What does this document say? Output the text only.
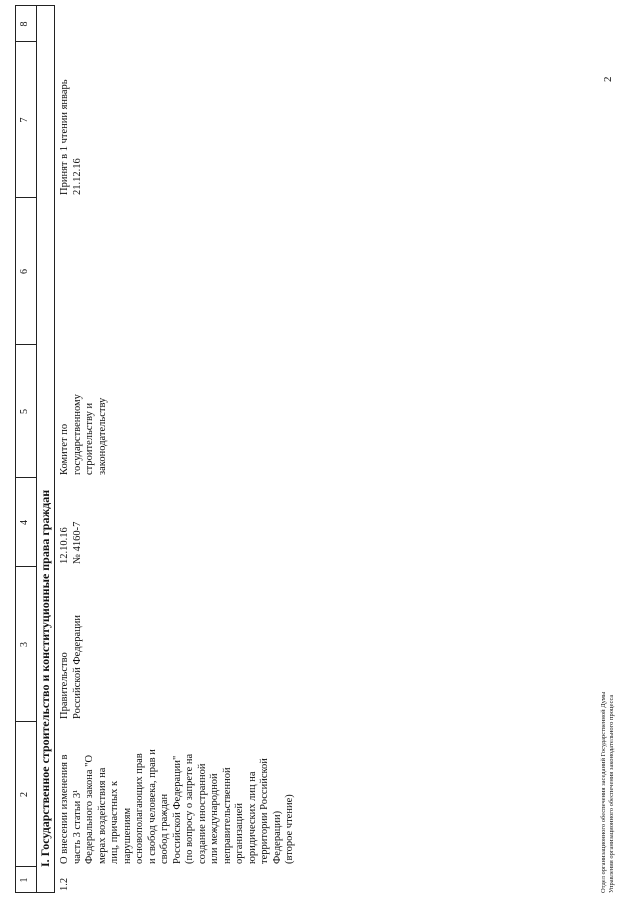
2
1
2
3
4
5
6
7
8
I. Государственное строительство и конституционные права граждан
1.2
О внесении изменения в часть 3 статьи 3¹ Федерального закона "О мерах воздействия на лиц, причастных к нарушениям основополагающих прав и свобод человека, прав и свобод граждан Российской Федерации" (по вопросу о запрете на создание иностранной или международной неправительственной организацией юридических лиц на территории Российской Федерации) (второе чтение)
Правительство Российской Федерации
12.10.16 № 4160-7
Комитет по государственному строительству и законодательству
Принят в 1 чтении январь 21.12.16
Отдел организационного обеспечения заседаний Государственной Думы Управления организационного обеспечения законодательного процесса
